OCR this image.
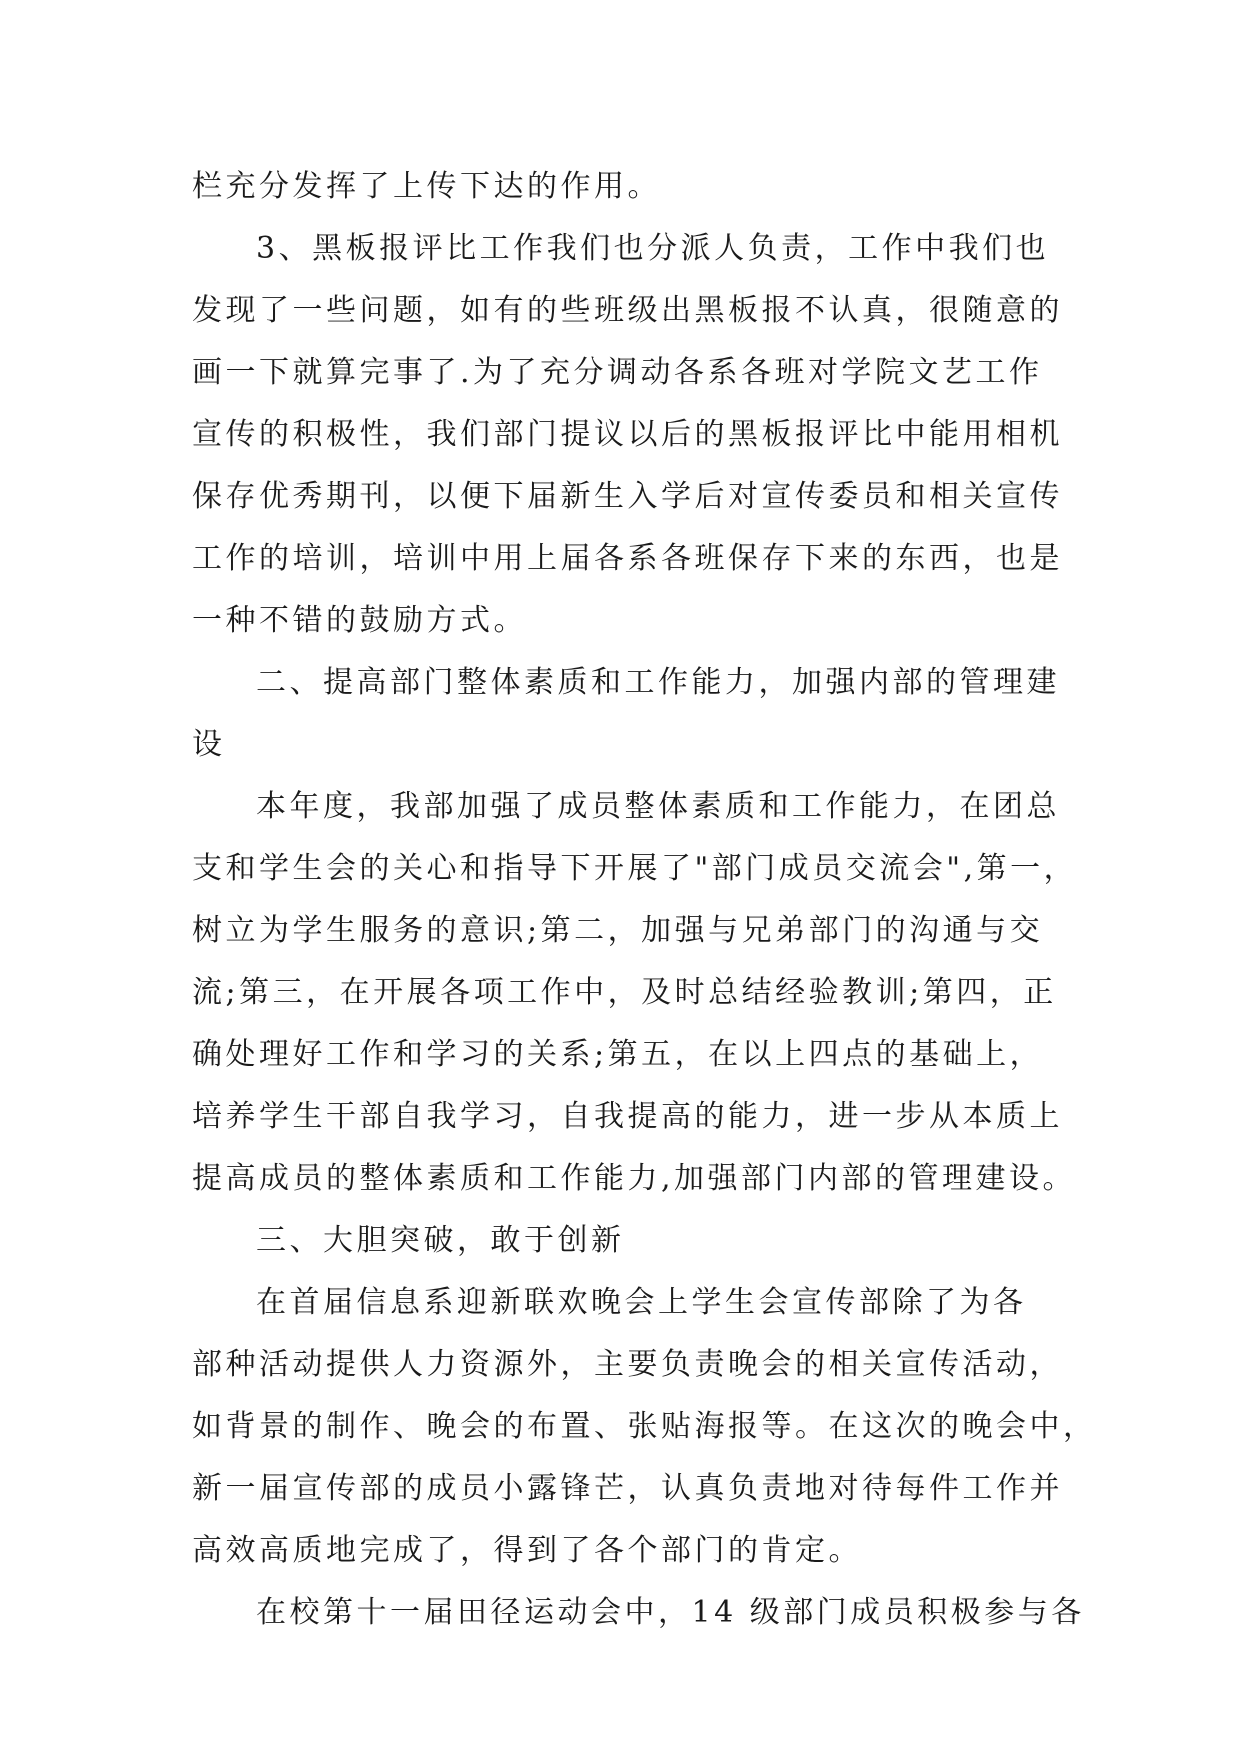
栏充分发挥了上传下达的作用。
3、黑板报评比工作我们也分派人负责，工作中我们也
发现了一些问题，如有的些班级出黑板报不认真，很随意的
画一下就算完事了.为了充分调动各系各班对学院文艺工作
宣传的积极性，我们部门提议以后的黑板报评比中能用相机
保存优秀期刊，以便下届新生入学后对宣传委员和相关宣传
工作的培训，培训中用上届各系各班保存下来的东西，也是
一种不错的鼓励方式。
二、提高部门整体素质和工作能力，加强内部的管理建
设
本年度，我部加强了成员整体素质和工作能力，在团总
支和学生会的关心和指导下开展了"部门成员交流会",第一，
树立为学生服务的意识;第二，加强与兄弟部门的沟通与交
流;第三，在开展各项工作中，及时总结经验教训;第四，正
确处理好工作和学习的关系;第五，在以上四点的基础上，
培养学生干部自我学习，自我提高的能力，进一步从本质上
提高成员的整体素质和工作能力,加强部门内部的管理建设。
三、大胆突破，敢于创新
在首届信息系迎新联欢晚会上学生会宣传部除了为各
部种活动提供人力资源外，主要负责晚会的相关宣传活动，
如背景的制作、晚会的布置、张贴海报等。在这次的晚会中，
新一届宣传部的成员小露锋芒，认真负责地对待每件工作并
高效高质地完成了，得到了各个部门的肯定。
在校第十一届田径运动会中，14 级部门成员积极参与各
